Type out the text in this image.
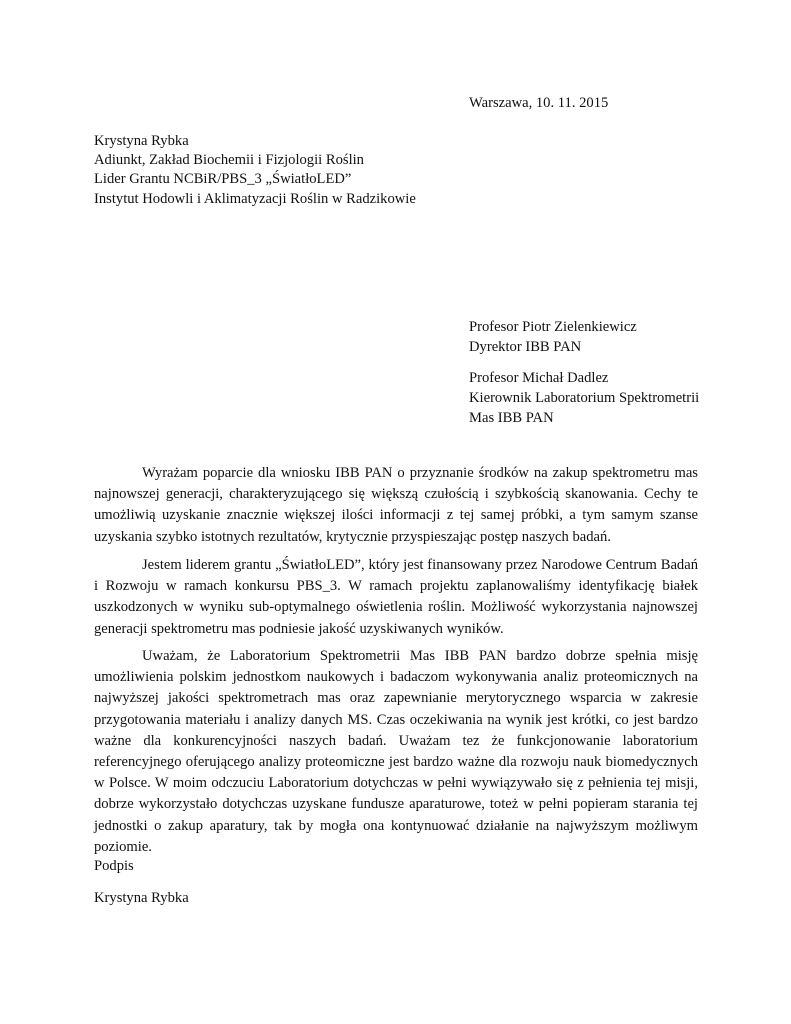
Warszawa, 10. 11. 2015
Krystyna Rybka
Adiunkt, Zakład Biochemii i Fizjologii Roślin
Lider Grantu NCBiR/PBS_3 „ŚwiatłoLED”
Instytut Hodowli i Aklimatyzacji Roślin w Radzikowie
Profesor Piotr Zielenkiewicz
Dyrektor IBB PAN
Profesor Michał Dadlez
Kierownik Laboratorium Spektrometrii
Mas IBB PAN

Wyrażam poparcie dla wniosku IBB PAN o przyznanie środków na zakup spektrometru mas najnowszej generacji, charakteryzującego się większą czułością i szybkością skanowania. Cechy te umożliwią uzyskanie znacznie większej ilości informacji z tej samej próbki, a tym samym szanse uzyskania szybko istotnych rezultatów, krytycznie przyspieszając postęp naszych badań.

Jestem liderem grantu „ŚwiatłoLED”, który jest finansowany przez Narodowe Centrum Badań i Rozwoju w ramach konkursu PBS_3. W ramach projektu zaplanowaliśmy identyfikację białek uszkodzonych w wyniku sub-optymalnego oświetlenia roślin. Możliwość wykorzystania najnowszej generacji spektrometru mas podniesie jakość uzyskiwanych wyników.

Uważam, że Laboratorium Spektrometrii Mas IBB PAN bardzo dobrze spełnia misję umożliwienia polskim jednostkom naukowych i badaczom wykonywania analiz proteomicznych na najwyższej jakości spektrometrach mas oraz zapewnianie merytorycznego wsparcia w zakresie przygotowania materiału i analizy danych MS. Czas oczekiwania na wynik jest krótki, co jest bardzo ważne dla konkurencyjności naszych badań. Uważam tez że funkcjonowanie laboratorium referencyjnego oferującego analizy proteomiczne jest bardzo ważne dla rozwoju nauk biomedycznych w Polsce. W moim odczuciu Laboratorium dotychczas w pełni wywiązywało się z pełnienia tej misji, dobrze wykorzystało dotychczas uzyskane fundusze aparaturowe, toteż w pełni popieram starania tej jednostki o zakup aparatury, tak by mogła ona kontynuować działanie na najwyższym możliwym poziomie.

Podpis
Krystyna Rybka
